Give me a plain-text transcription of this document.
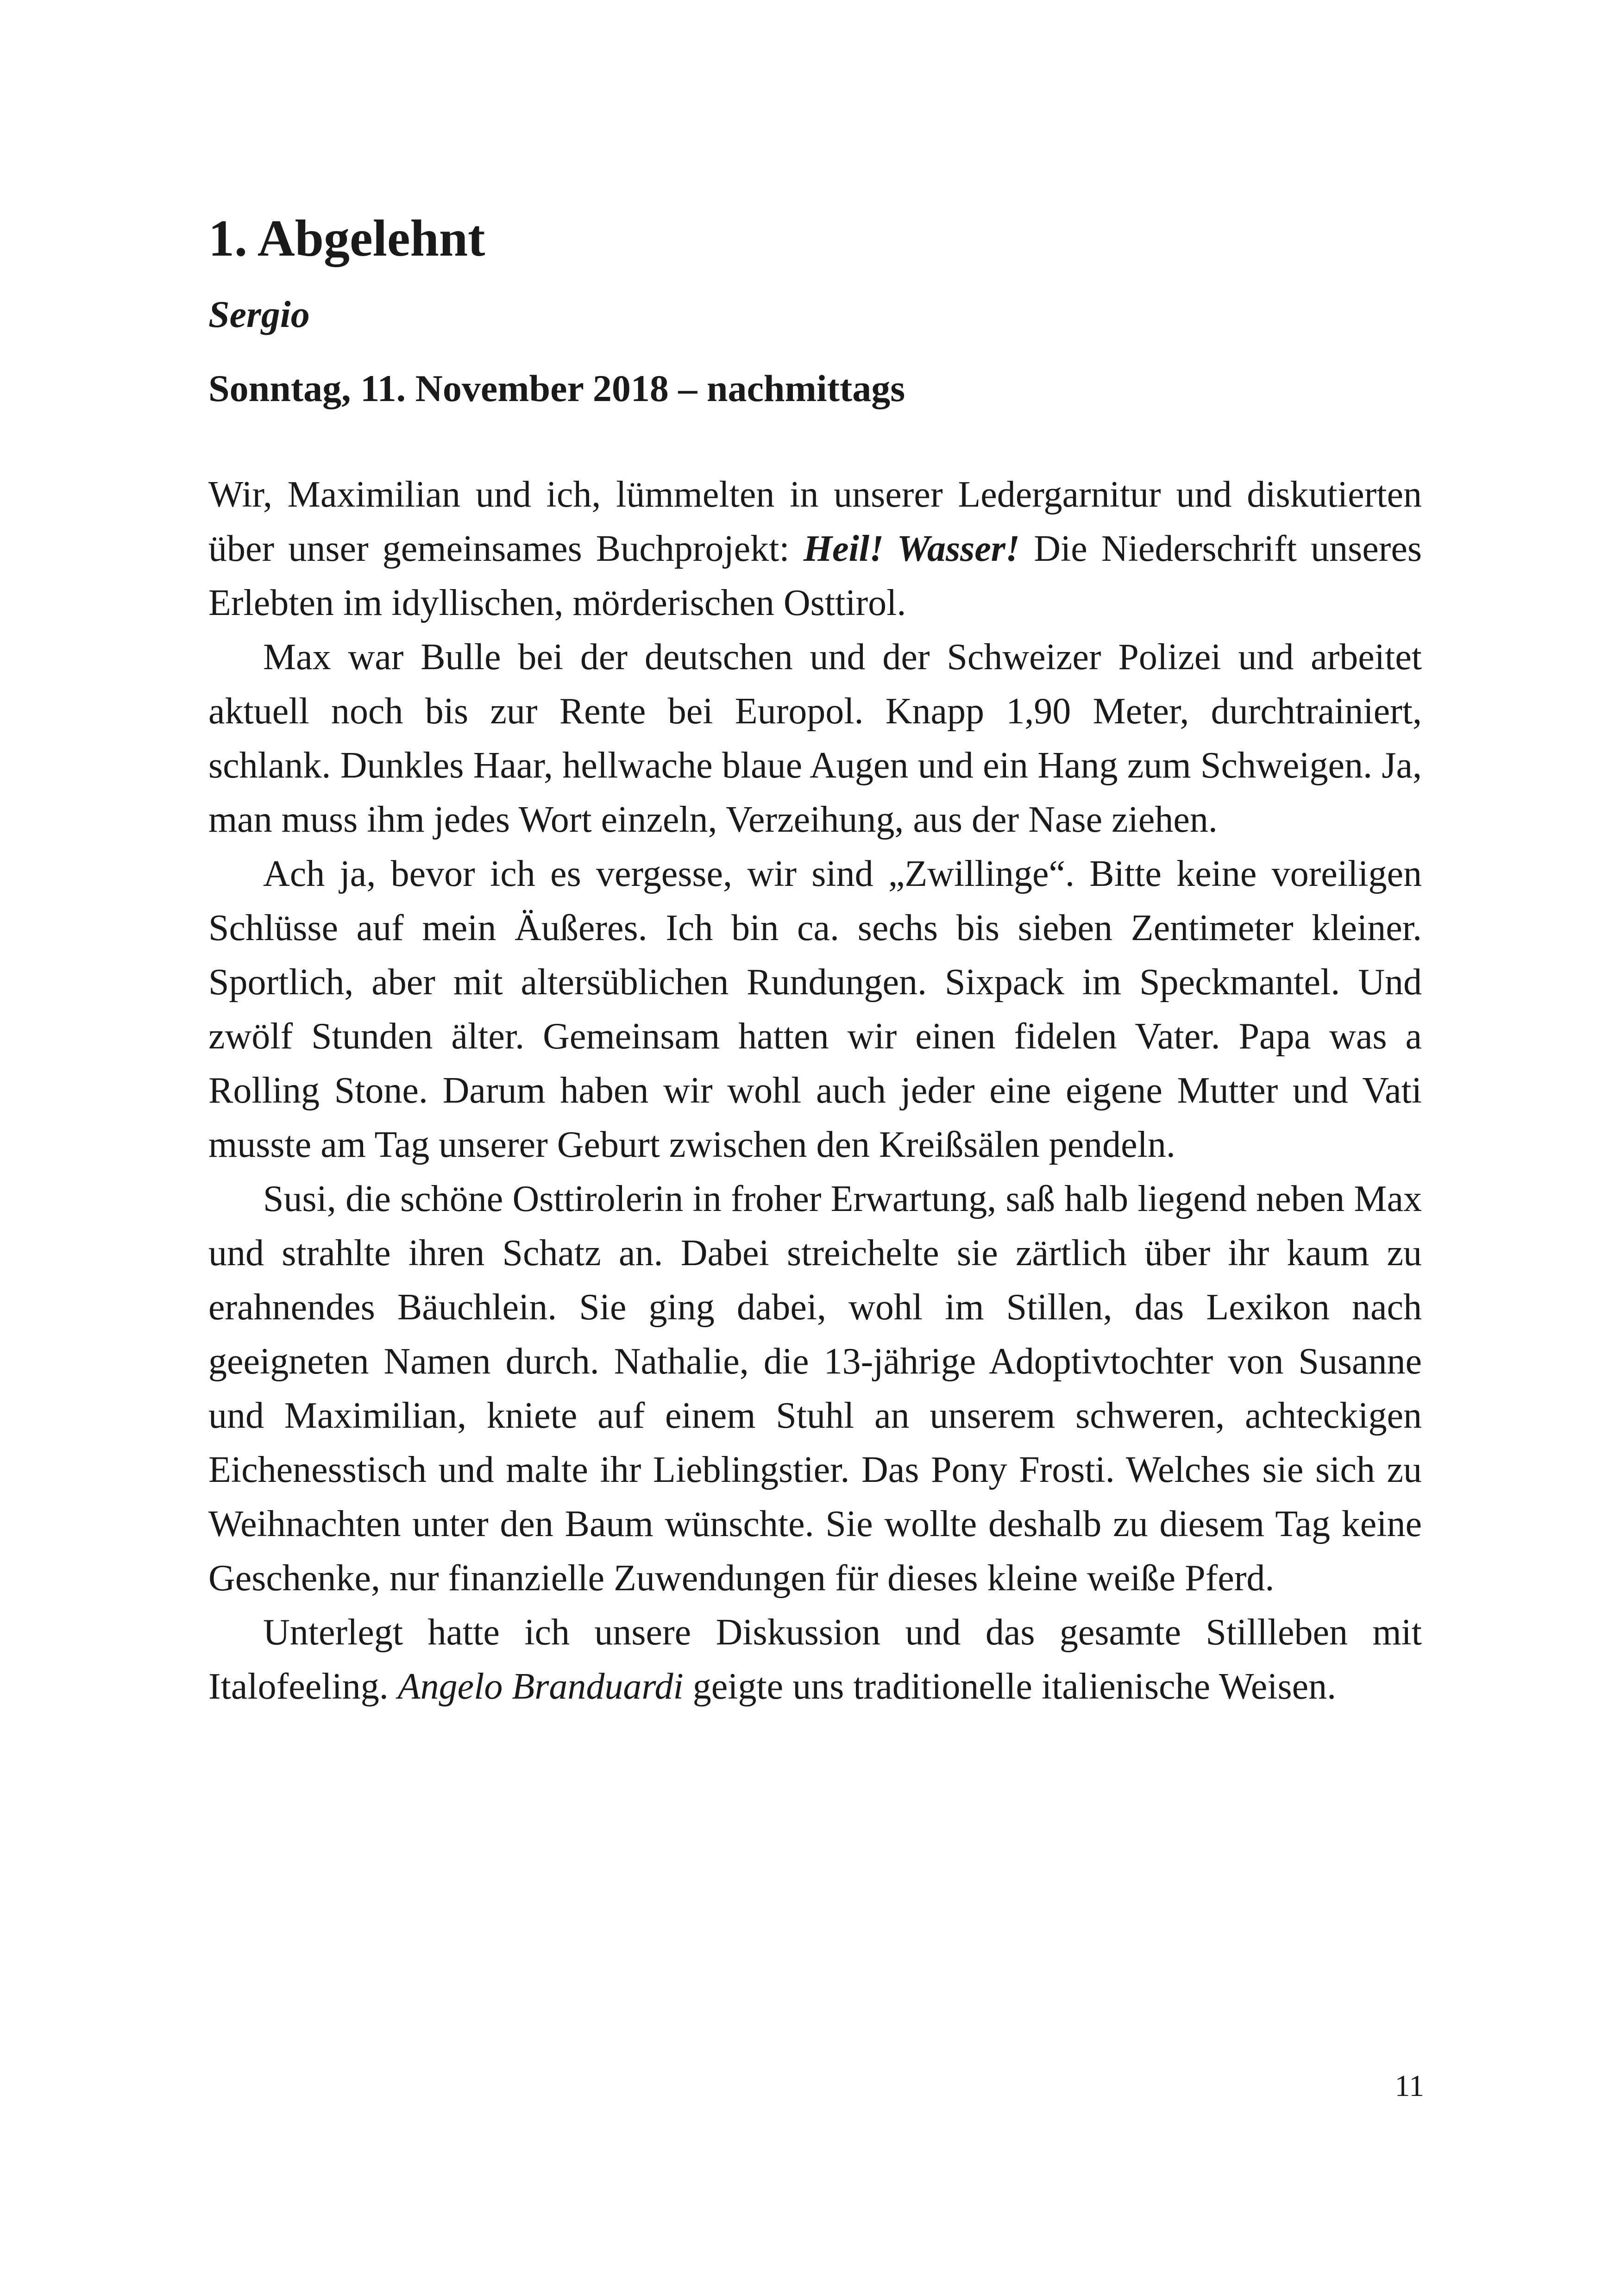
1. Abgelehnt
Sergio
Sonntag, 11. November 2018 – nachmittags

Wir, Maximilian und ich, lümmelten in unserer Ledergarnitur und diskutierten über unser gemeinsames Buchprojekt: Heil! Wasser! Die Niederschrift unseres Erlebten im idyllischen, mörderischen Osttirol.

Max war Bulle bei der deutschen und der Schweizer Polizei und arbeitet aktuell noch bis zur Rente bei Europol. Knapp 1,90 Meter, durchtrainiert, schlank. Dunkles Haar, hellwache blaue Augen und ein Hang zum Schweigen. Ja, man muss ihm jedes Wort einzeln, Verzeihung, aus der Nase ziehen.

Ach ja, bevor ich es vergesse, wir sind „Zwillinge“. Bitte keine voreiligen Schlüsse auf mein Äußeres. Ich bin ca. sechs bis sieben Zentimeter kleiner. Sportlich, aber mit altersüblichen Rundungen. Sixpack im Speckmantel. Und zwölf Stunden älter. Gemeinsam hatten wir einen fidelen Vater. Papa was a Rolling Stone. Darum haben wir wohl auch jeder eine eigene Mutter und Vati musste am Tag unserer Geburt zwischen den Kreißsälen pendeln.

Susi, die schöne Osttirolerin in froher Erwartung, saß halb liegend neben Max und strahlte ihren Schatz an. Dabei streichelte sie zärtlich über ihr kaum zu erahnendes Bäuchlein. Sie ging dabei, wohl im Stillen, das Lexikon nach geeigneten Namen durch. Nathalie, die 13-jährige Adoptivtochter von Susanne und Maximilian, kniete auf einem Stuhl an unserem schweren, achteckigen Eichenesstisch und malte ihr Lieblingstier. Das Pony Frosti. Welches sie sich zu Weihnachten unter den Baum wünschte. Sie wollte deshalb zu diesem Tag keine Geschenke, nur finanzielle Zuwendungen für dieses kleine weiße Pferd.

Unterlegt hatte ich unsere Diskussion und das gesamte Stillleben mit Italofeeling. Angelo Branduardi geigte uns traditionelle italienische Weisen.

11
